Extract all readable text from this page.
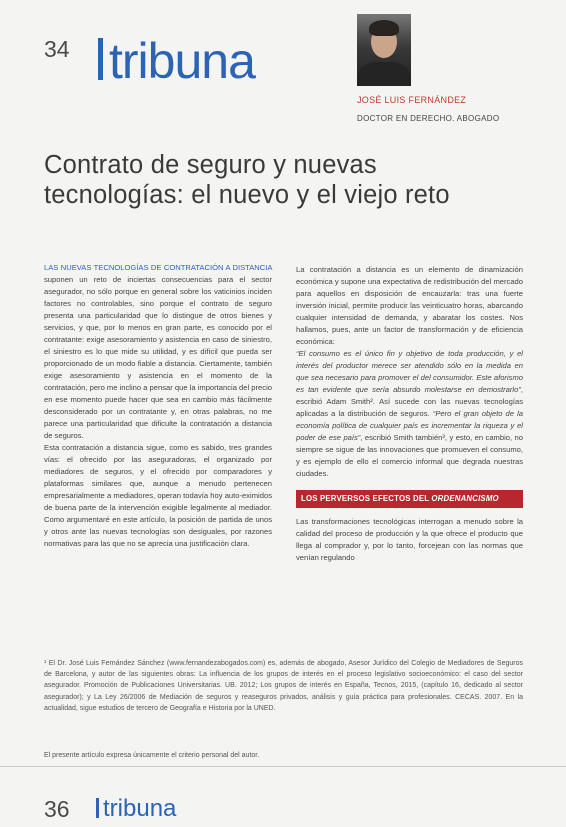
34 tribuna
JOSÉ LUIS FERNÁNDEZ
DOCTOR EN DERECHO. ABOGADO
Contrato de seguro y nuevas tecnologías: el nuevo y el viejo reto

LAS NUEVAS TECNOLOGÍAS DE CONTRATACIÓN A DISTANCIA suponen un reto de inciertas consecuencias para el sector asegurador, no sólo porque en general sobre los vaticinios inciden factores no controlables, sino porque el contrato de seguro presenta una particularidad que lo distingue de otros bienes y servicios, y que, por lo menos en gran parte, es conocido por el contratante: exige asesoramiento y asistencia en caso de siniestro, el siniestro es lo que mide su utilidad, y es difícil que pueda ser proporcionado de un modo fiable a distancia. Ciertamente, también exige asesoramiento y asistencia en el momento de la contratación, pero me inclino a pensar que la importancia del precio en ese momento puede hacer que sea en cambio más fácilmente desconsiderado por un contratante y, en otras palabras, no me parece una particularidad que dificulte la contratación a distancia de seguros.

Esta contratación a distancia sigue, como es sabido, tres grandes vías: el ofrecido por las aseguradoras, el organizado por mediadores de seguros, y el ofrecido por comparadores y plataformas similares que, aunque a menudo pertenecen empresarialmente a mediadores, operan todavía hoy auto-eximidos de buena parte de la intervención exigible legalmente al mediador. Como argumentaré en este artículo, la posición de partida de unos y otros ante las nuevas tecnologías son desiguales, por razones normativas para las que no se aprecia una justificación clara.

La contratación a distancia es un elemento de dinamización económica y supone una expectativa de redistribución del mercado para aquellos en disposición de encauzarla: tras una fuerte inversión inicial, permite producir las veinticuatro horas, abarcando cualquier intensidad de demanda, y abaratar los costes. Nos hallamos, pues, ante un factor de transformación y de eficiencia económica:

“El consumo es el único fin y objetivo de toda producción, y el interés del productor merece ser atendido sólo en la medida en que sea necesario para promover el del consumidor. Este aforismo es tan evidente que sería absurdo molestarse en demostrarlo”, escribió Adam Smith². Así sucede con las nuevas tecnologías aplicadas a la distribución de seguros. “Pero el gran objeto de la economía política de cualquier país es incrementar la riqueza y el poder de ese país”, escribió Smith también³, y esto, en cambio, no siempre se sigue de las innovaciones que promueven el consumo, y es ejemplo de ello el comercio informal que degrada nuestras ciudades.

LOS PERVERSOS EFECTOS DEL ORDENANCISMO

Las transformaciones tecnológicas interrogan a menudo sobre la calidad del proceso de producción y la que ofrece el producto que llega al comprador y, por lo tanto, forcejean con las normas que venían regulando

¹ El Dr. José Luis Fernández Sánchez (www.fernandezabogados.com) es, además de abogado, Asesor Jurídico del Colegio de Mediadores de Seguros de Barcelona, y autor de las siguientes obras: La influencia de los grupos de interés en el proceso legislativo socioeconómico: el caso del sector asegurador. Promoción de Publicaciones Universitarias. UB. 2012; Los grupos de interés en España, Tecnos, 2015, (capítulo 16, dedicado al sector asegurador); y La Ley 26/2006 de Mediación de seguros y reaseguros privados, análisis y guía práctica para profesionales. CECAS. 2007. En la actualidad, sigue estudios de tercero de Geografía e Historia por la UNED.

El presente artículo expresa únicamente el criterio personal del autor.
36 tribuna
